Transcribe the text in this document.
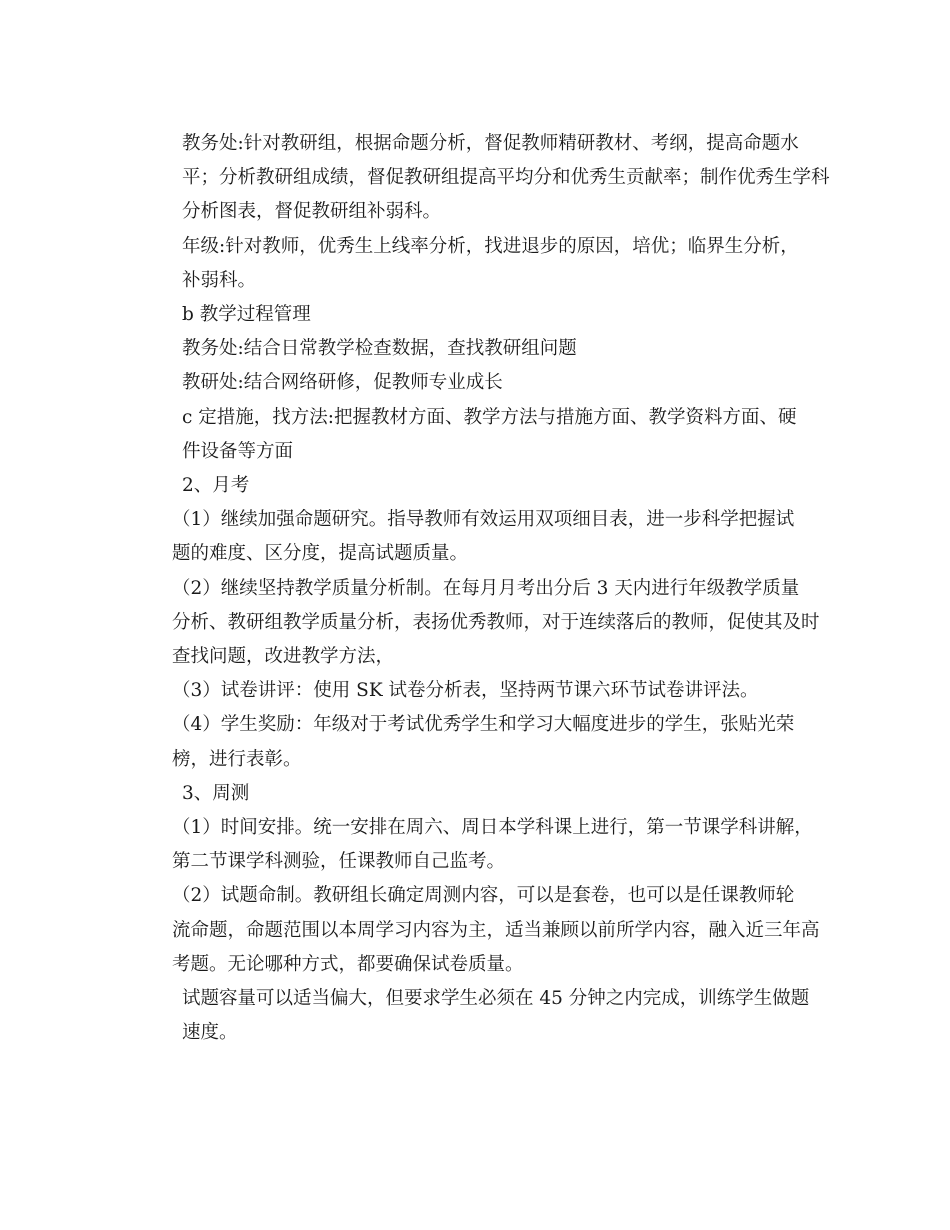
教务处:针对教研组，根据命题分析，督促教师精研教材、考纲，提高命题水
平；分析教研组成绩，督促教研组提高平均分和优秀生贡献率；制作优秀生学科
分析图表，督促教研组补弱科。

年级:针对教师，优秀生上线率分析，找进退步的原因，培优；临界生分析，
补弱科。

b 教学过程管理

教务处:结合日常教学检查数据，查找教研组问题

教研处:结合网络研修，促教师专业成长

c 定措施，找方法:把握教材方面、教学方法与措施方面、教学资料方面、硬
件设备等方面

2、月考

（1）继续加强命题研究。指导教师有效运用双项细目表，进一步科学把握试
题的难度、区分度，提高试题质量。

（2）继续坚持教学质量分析制。在每月月考出分后 3 天内进行年级教学质量
分析、教研组教学质量分析，表扬优秀教师，对于连续落后的教师，促使其及时
查找问题，改进教学方法，

（3）试卷讲评：使用 SK 试卷分析表，坚持两节课六环节试卷讲评法。

（4）学生奖励：年级对于考试优秀学生和学习大幅度进步的学生，张贴光荣
榜，进行表彰。

3、周测

（1）时间安排。统一安排在周六、周日本学科课上进行，第一节课学科讲解，
第二节课学科测验，任课教师自己监考。

（2）试题命制。教研组长确定周测内容，可以是套卷，也可以是任课教师轮
流命题，命题范围以本周学习内容为主，适当兼顾以前所学内容，融入近三年高
考题。无论哪种方式，都要确保试卷质量。

试题容量可以适当偏大，但要求学生必须在 45 分钟之内完成，训练学生做题
速度。
